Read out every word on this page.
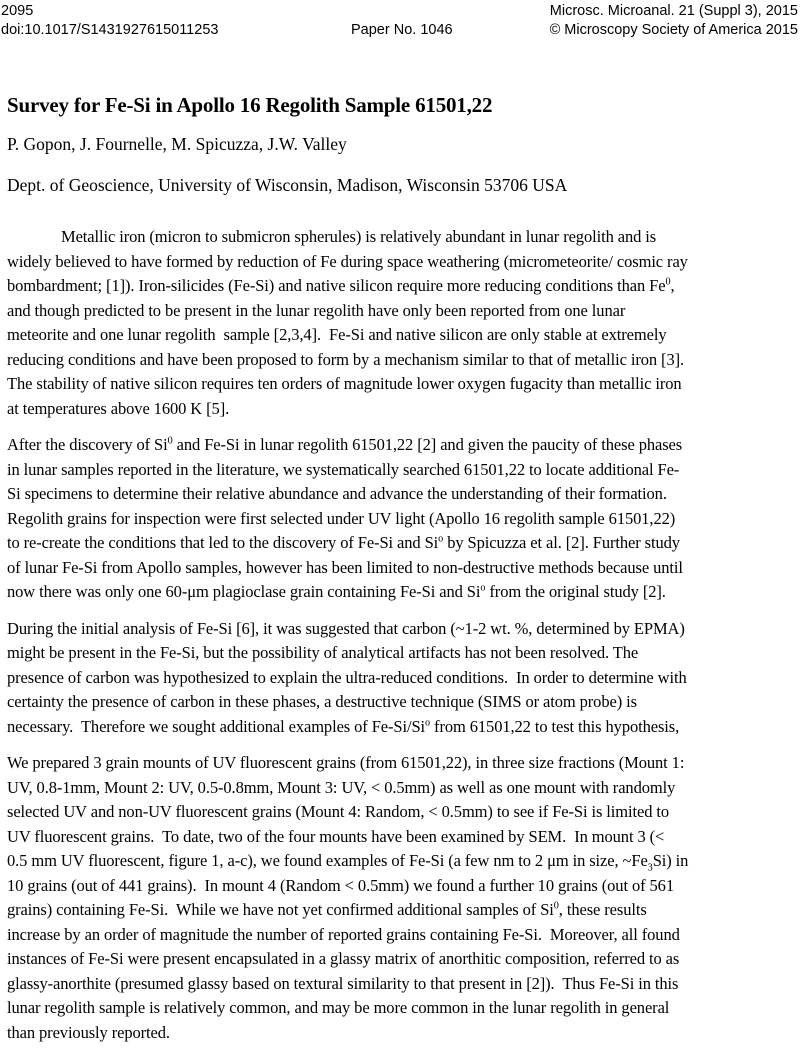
2095	Microsc. Microanal. 21 (Suppl 3), 2015
doi:10.1017/S1431927615011253	Paper No. 1046	© Microscopy Society of America 2015
Survey for Fe-Si in Apollo 16 Regolith Sample 61501,22
P. Gopon, J. Fournelle, M. Spicuzza, J.W. Valley
Dept. of Geoscience, University of Wisconsin, Madison, Wisconsin 53706 USA

Metallic iron (micron to submicron spherules) is relatively abundant in lunar regolith and is
widely believed to have formed by reduction of Fe during space weathering (micrometeorite/ cosmic ray
bombardment; [1]). Iron-silicides (Fe-Si) and native silicon require more reducing conditions than Fe$^0$,
and though predicted to be present in the lunar regolith have only been reported from one lunar
meteorite and one lunar regolith  sample [2,3,4].  Fe-Si and native silicon are only stable at extremely
reducing conditions and have been proposed to form by a mechanism similar to that of metallic iron [3].
The stability of native silicon requires ten orders of magnitude lower oxygen fugacity than metallic iron
at temperatures above 1600 K [5].

After the discovery of Si$^0$ and Fe-Si in lunar regolith 61501,22 [2] and given the paucity of these phases
in lunar samples reported in the literature, we systematically searched 61501,22 to locate additional Fe-
Si specimens to determine their relative abundance and advance the understanding of their formation.
Regolith grains for inspection were first selected under UV light (Apollo 16 regolith sample 61501,22)
to re-create the conditions that led to the discovery of Fe-Si and Si$^o$ by Spicuzza et al. [2]. Further study
of lunar Fe-Si from Apollo samples, however has been limited to non-destructive methods because until
now there was only one 60-μm plagioclase grain containing Fe-Si and Si$^o$ from the original study [2].

During the initial analysis of Fe-Si [6], it was suggested that carbon (~1-2 wt. %, determined by EPMA)
might be present in the Fe-Si, but the possibility of analytical artifacts has not been resolved. The
presence of carbon was hypothesized to explain the ultra-reduced conditions.  In order to determine with
certainty the presence of carbon in these phases, a destructive technique (SIMS or atom probe) is
necessary.  Therefore we sought additional examples of Fe-Si/Si$^o$ from 61501,22 to test this hypothesis,

We prepared 3 grain mounts of UV fluorescent grains (from 61501,22), in three size fractions (Mount 1:
UV, 0.8-1mm, Mount 2: UV, 0.5-0.8mm, Mount 3: UV, < 0.5mm) as well as one mount with randomly
selected UV and non-UV fluorescent grains (Mount 4: Random, < 0.5mm) to see if Fe-Si is limited to
UV fluorescent grains.  To date, two of the four mounts have been examined by SEM.  In mount 3 (<
0.5 mm UV fluorescent, figure 1, a-c), we found examples of Fe-Si (a few nm to 2 μm in size, $\sim Fe_3Si$) in
10 grains (out of 441 grains).  In mount 4 (Random < 0.5mm) we found a further 10 grains (out of 561
grains) containing Fe-Si.  While we have not yet confirmed additional samples of Si$^0$, these results
increase by an order of magnitude the number of reported grains containing Fe-Si.  Moreover, all found
instances of Fe-Si were present encapsulated in a glassy matrix of anorthitic composition, referred to as
glassy-anorthite (presumed glassy based on textural similarity to that present in [2]).  Thus Fe-Si in this
lunar regolith sample is relatively common, and may be more common in the lunar regolith in general
than previously reported.
